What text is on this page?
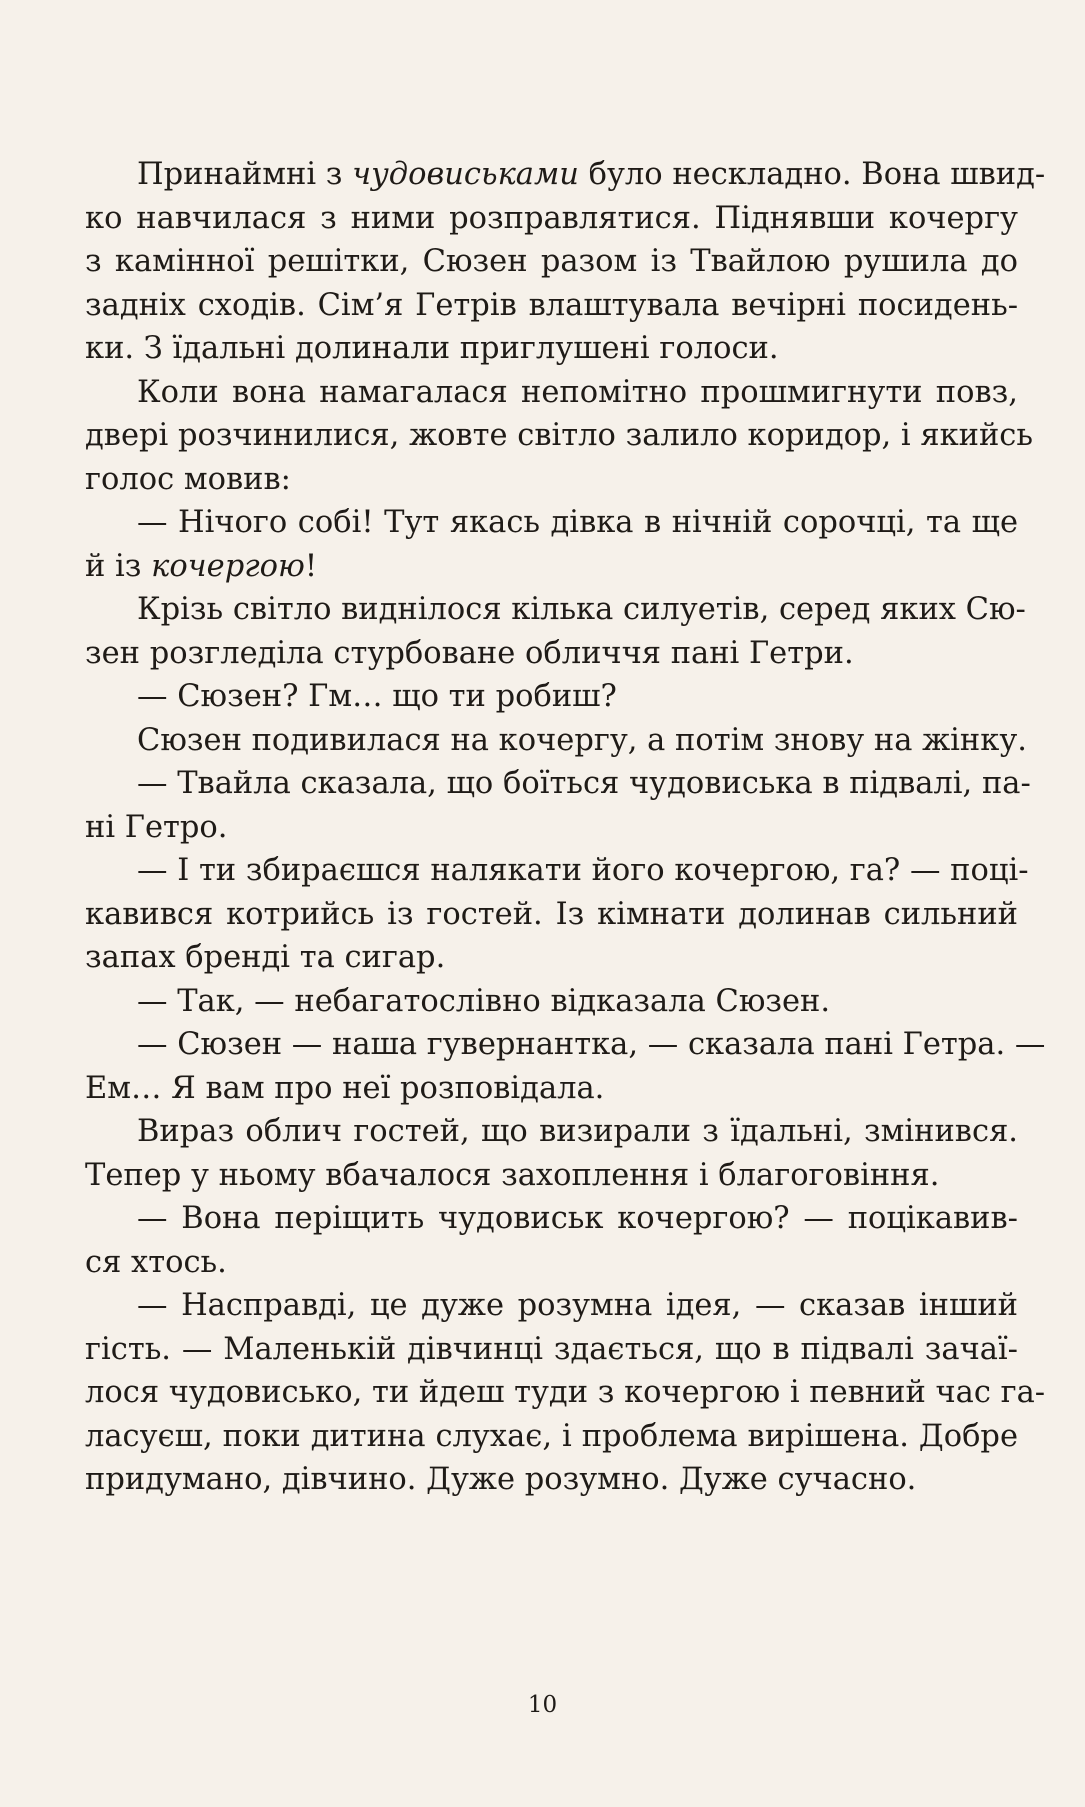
Принаймні з чудовиськами було нескладно. Вона швид-
ко навчилася з ними розправлятися. Піднявши кочергу
з камінної решітки, Сюзен разом із Твайлою рушила до
задніх сходів. Сім’я Гетрів влаштувала вечірні посидень-
ки. З їдальні долинали приглушені голоси.
Коли вона намагалася непомітно прошмигнути повз,
двері розчинилися, жовте світло залило коридор, і якийсь
голос мовив:
— Нічого собі! Тут якась дівка в нічній сорочці, та ще
й із кочергою!
Крізь світло виднілося кілька силуетів, серед яких Сю-
зен розгледіла стурбоване обличчя пані Гетри.
— Сюзен? Гм… що ти робиш?
Сюзен подивилася на кочергу, а потім знову на жінку.
— Твайла сказала, що боїться чудовиська в підвалі, па-
ні Гетро.
— І ти збираєшся налякати його кочергою, га? — поці-
кавився котрийсь із гостей. Із кімнати долинав сильний
запах бренді та сигар.
— Так, — небагатослівно відказала Сюзен.
— Сюзен — наша гувернантка, — сказала пані Гетра. —
Ем… Я вам про неї розповідала.
Вираз облич гостей, що визирали з їдальні, змінився.
Тепер у ньому вбачалося захоплення і благоговіння.
— Вона періщить чудовиськ кочергою? — поцікавив-
ся хтось.
— Насправді, це дуже розумна ідея, — сказав інший
гість. — Маленькій дівчинці здається, що в підвалі зачаї-
лося чудовисько, ти йдеш туди з кочергою і певний час га-
ласуєш, поки дитина слухає, і проблема вирішена. Добре
придумано, дівчино. Дуже розумно. Дуже сучасно.
10
